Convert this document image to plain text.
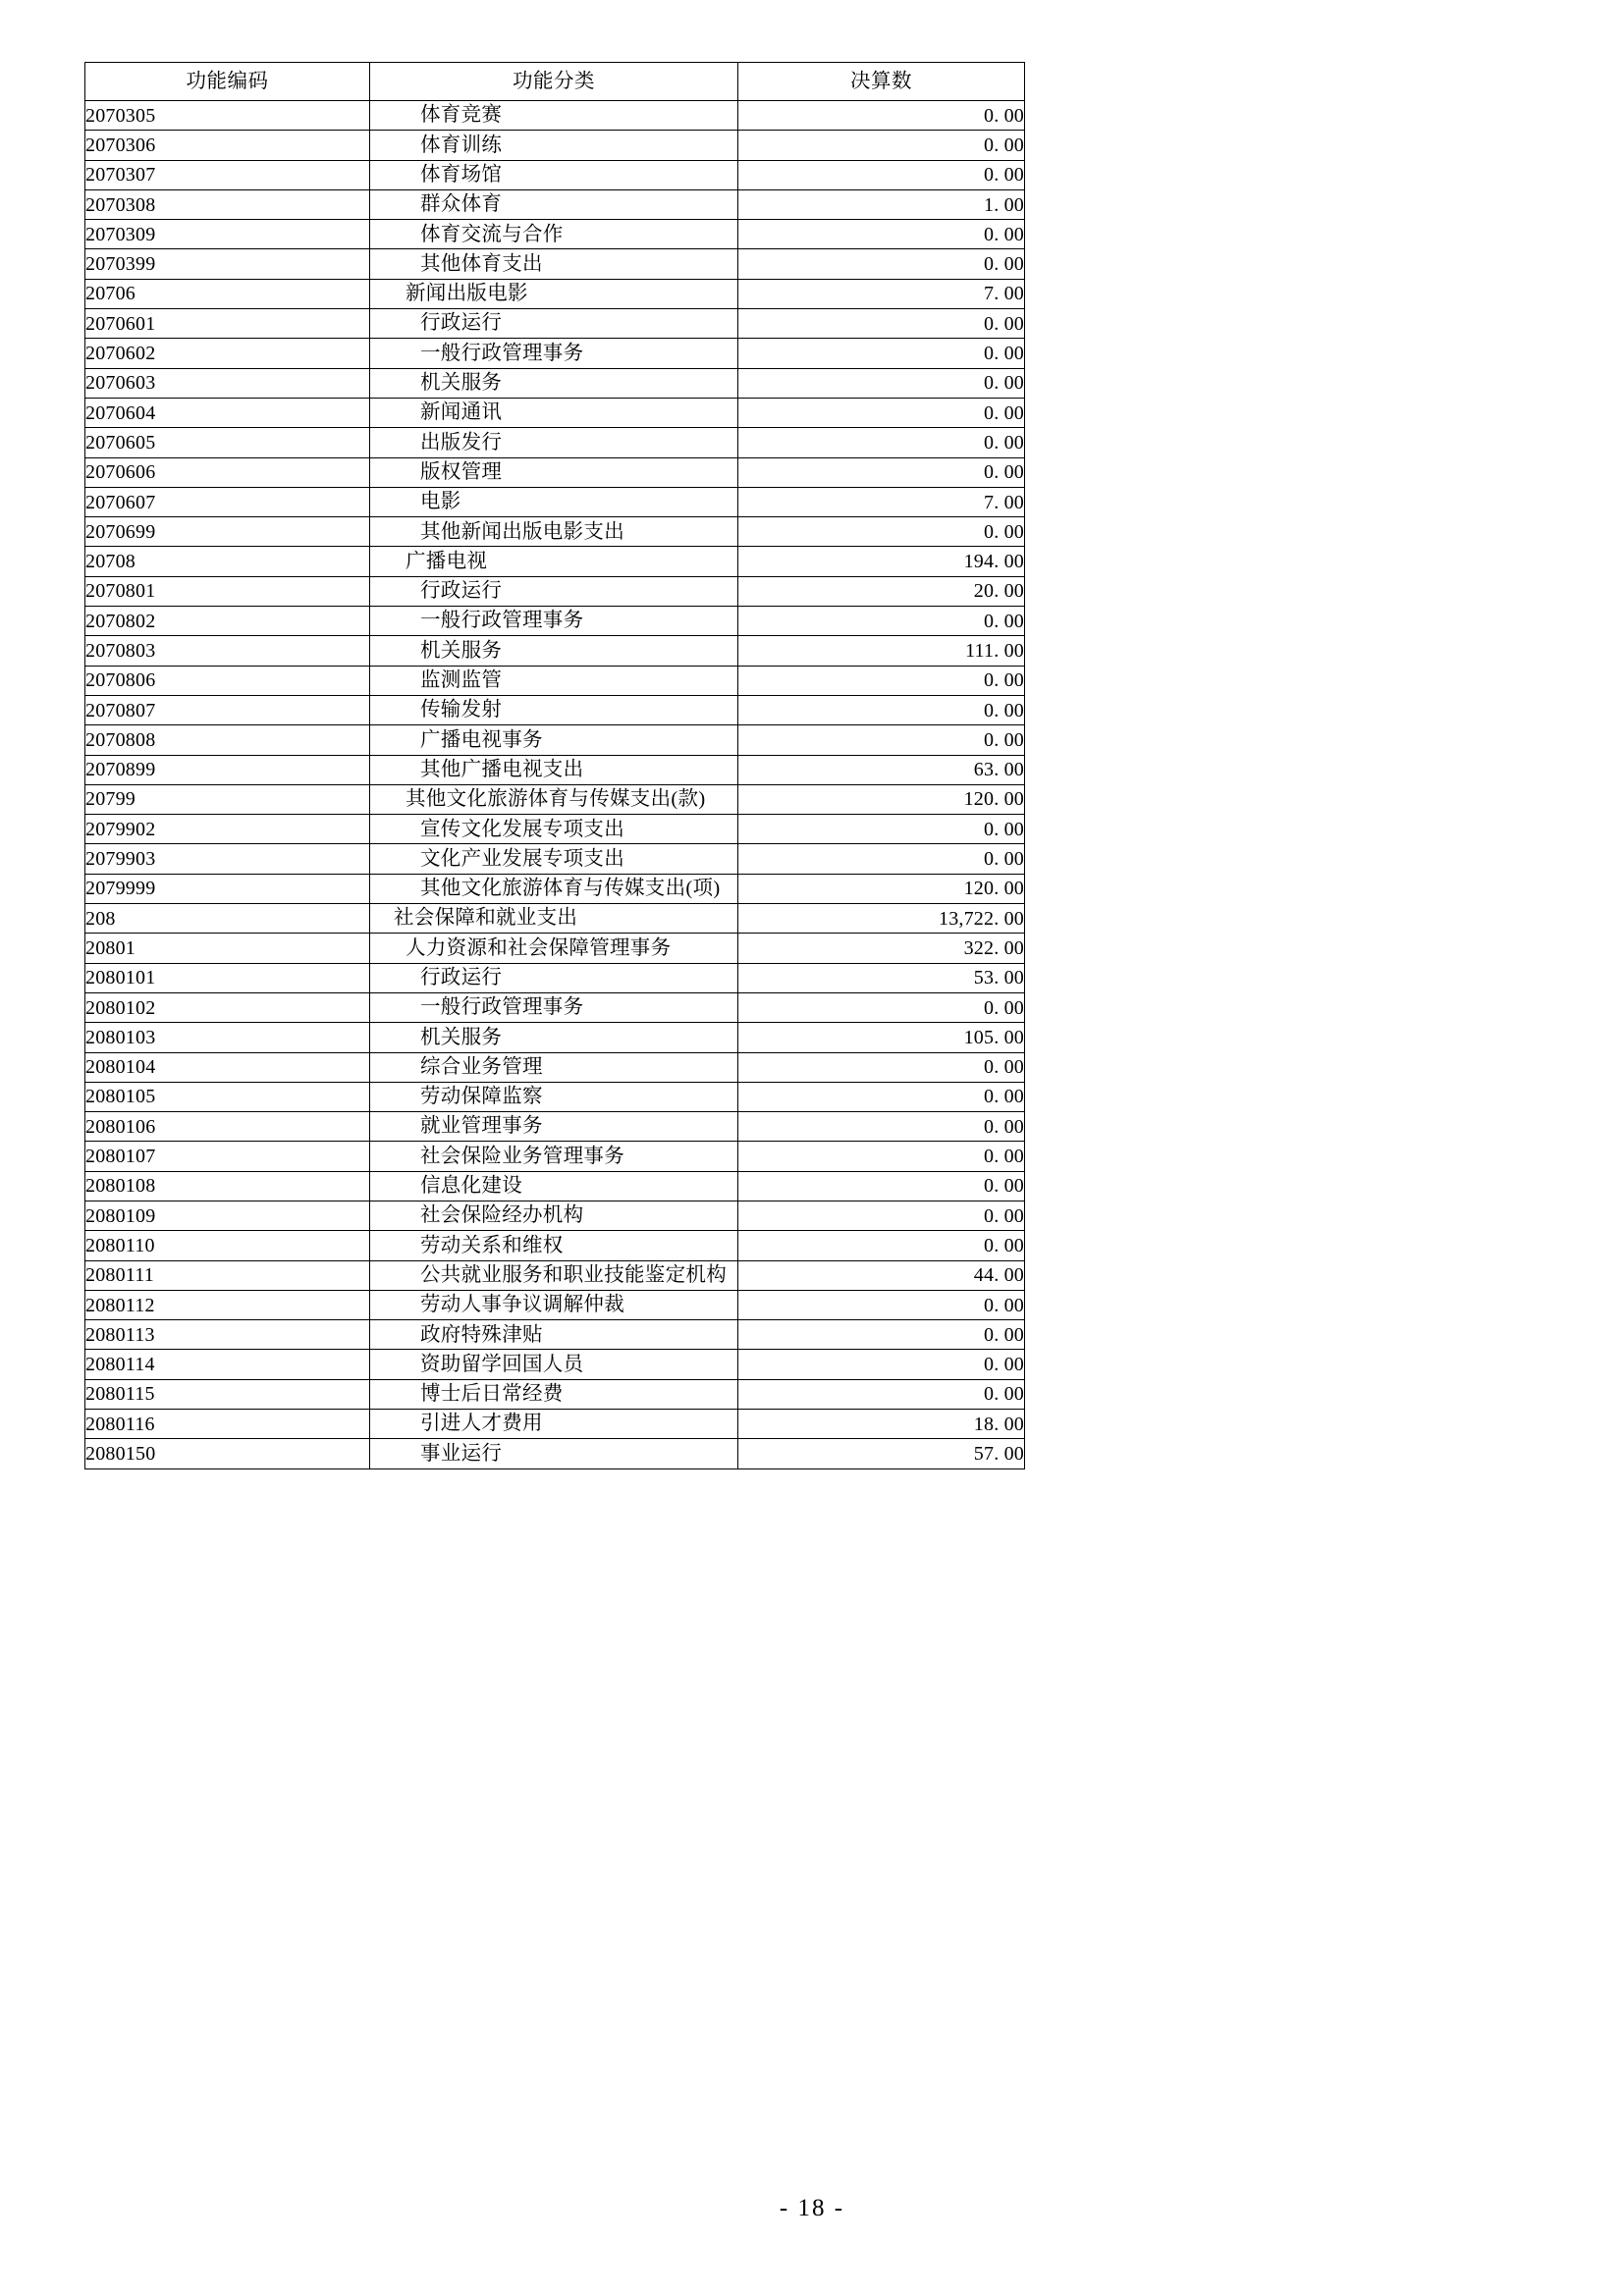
功能编码	功能分类	决算数
2070305	体育竞赛	0. 00
2070306	体育训练	0. 00
2070307	体育场馆	0. 00
2070308	群众体育	1. 00
2070309	体育交流与合作	0. 00
2070399	其他体育支出	0. 00
20706	新闻出版电影	7. 00
2070601	行政运行	0. 00
2070602	一般行政管理事务	0. 00
2070603	机关服务	0. 00
2070604	新闻通讯	0. 00
2070605	出版发行	0. 00
2070606	版权管理	0. 00
2070607	电影	7. 00
2070699	其他新闻出版电影支出	0. 00
20708	广播电视	194. 00
2070801	行政运行	20. 00
2070802	一般行政管理事务	0. 00
2070803	机关服务	111. 00
2070806	监测监管	0. 00
2070807	传输发射	0. 00
2070808	广播电视事务	0. 00
2070899	其他广播电视支出	63. 00
20799	其他文化旅游体育与传媒支出(款)	120. 00
2079902	宣传文化发展专项支出	0. 00
2079903	文化产业发展专项支出	0. 00
2079999	其他文化旅游体育与传媒支出(项)	120. 00
208	社会保障和就业支出	13,722. 00
20801	人力资源和社会保障管理事务	322. 00
2080101	行政运行	53. 00
2080102	一般行政管理事务	0. 00
2080103	机关服务	105. 00
2080104	综合业务管理	0. 00
2080105	劳动保障监察	0. 00
2080106	就业管理事务	0. 00
2080107	社会保险业务管理事务	0. 00
2080108	信息化建设	0. 00
2080109	社会保险经办机构	0. 00
2080110	劳动关系和维权	0. 00
2080111	公共就业服务和职业技能鉴定机构	44. 00
2080112	劳动人事争议调解仲裁	0. 00
2080113	政府特殊津贴	0. 00
2080114	资助留学回国人员	0. 00
2080115	博士后日常经费	0. 00
2080116	引进人才费用	18. 00
2080150	事业运行	57. 00
- 18 -
